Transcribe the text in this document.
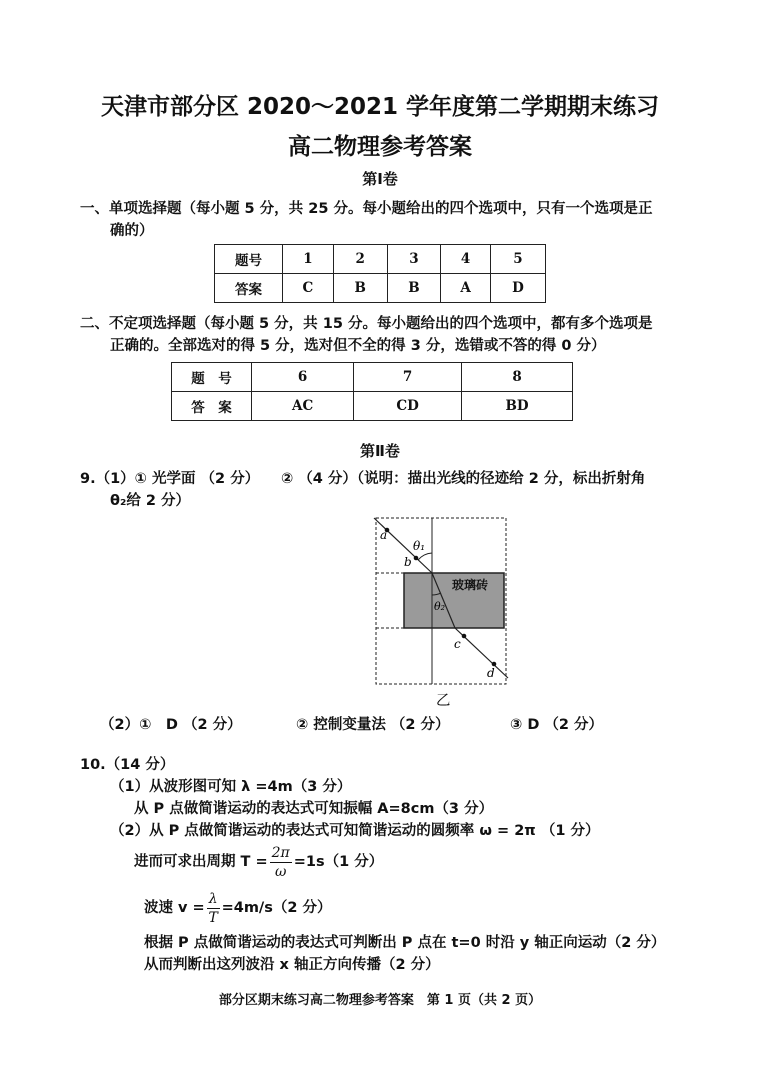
天津市部分区 2020～2021 学年度第二学期期末练习
高二物理参考答案
第Ⅰ卷
一、单项选择题（每小题 5 分，共 25 分。每小题给出的四个选项中，只有一个选项是正
确的）
题号	1	2	3	4	5
答案	C	B	B	A	D
二、不定项选择题（每小题 5 分，共 15 分。每小题给出的四个选项中，都有多个选项是
正确的。全部选对的得 5 分，选对但不全的得 3 分，选错或不答的得 0 分）
题　号	6	7	8
答　案	AC	CD	BD
第Ⅱ卷
9.（1）① 光学面 （2 分）　　② （4 分）（说明：描出光线的径迹给 2 分，标出折射角
θ₂给 2 分）
玻璃砖
a
b
c
d
θ₁
θ₂
乙
（2）①　D （2 分）	② 控制变量法 （2 分）	③ D （2 分）
10.（14 分）
（1）从波形图可知 λ =4m（3 分）
从 P 点做简谐运动的表达式可知振幅 A=8cm（3 分）
（2）从 P 点做简谐运动的表达式可知简谐运动的圆频率 ω = 2π （1 分）
进而可求出周期 $T = \frac{2\pi}{\omega} =1s(1$ 分）
波速 $v = \frac{\lambda}{T} =4m/s(2$ 分）
根据 P 点做简谐运动的表达式可判断出 P 点在 t=0 时沿 y 轴正向运动（2 分）
从而判断出这列波沿 x 轴正方向传播（2 分）
部分区期末练习高二物理参考答案　第 1 页（共 2 页）
